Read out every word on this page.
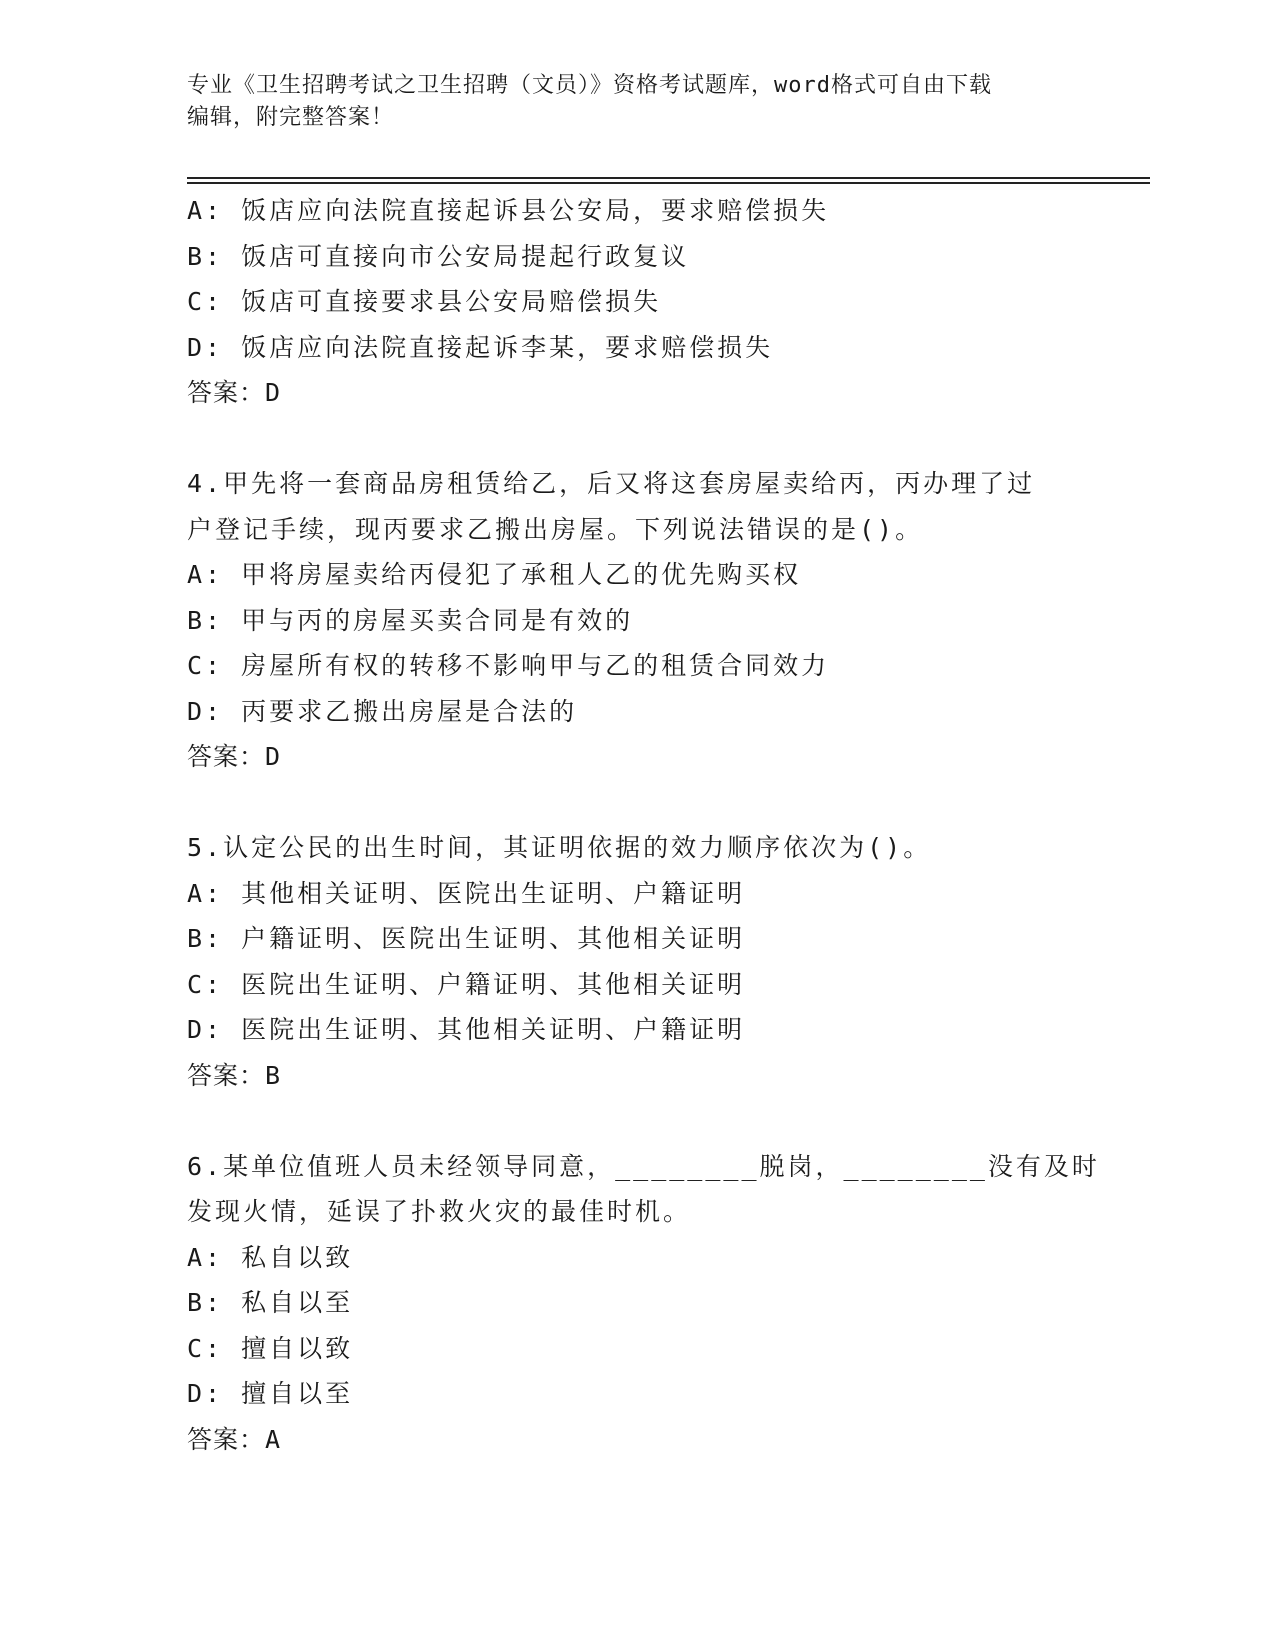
专业《卫生招聘考试之卫生招聘（文员）》资格考试题库，word格式可自由下载
编辑，附完整答案！
A: 饭店应向法院直接起诉县公安局，要求赔偿损失
B: 饭店可直接向市公安局提起行政复议
C: 饭店可直接要求县公安局赔偿损失
D: 饭店应向法院直接起诉李某，要求赔偿损失
答案：D
4.甲先将一套商品房租赁给乙，后又将这套房屋卖给丙，丙办理了过
户登记手续，现丙要求乙搬出房屋。下列说法错误的是()。
A: 甲将房屋卖给丙侵犯了承租人乙的优先购买权
B: 甲与丙的房屋买卖合同是有效的
C: 房屋所有权的转移不影响甲与乙的租赁合同效力
D: 丙要求乙搬出房屋是合法的
答案：D
5.认定公民的出生时间，其证明依据的效力顺序依次为()。
A: 其他相关证明、医院出生证明、户籍证明
B: 户籍证明、医院出生证明、其他相关证明
C: 医院出生证明、户籍证明、其他相关证明
D: 医院出生证明、其他相关证明、户籍证明
答案：B
6.某单位值班人员未经领导同意，________脱岗，________没有及时
发现火情，延误了扑救火灾的最佳时机。
A: 私自以致
B: 私自以至
C: 擅自以致
D: 擅自以至
答案：A
